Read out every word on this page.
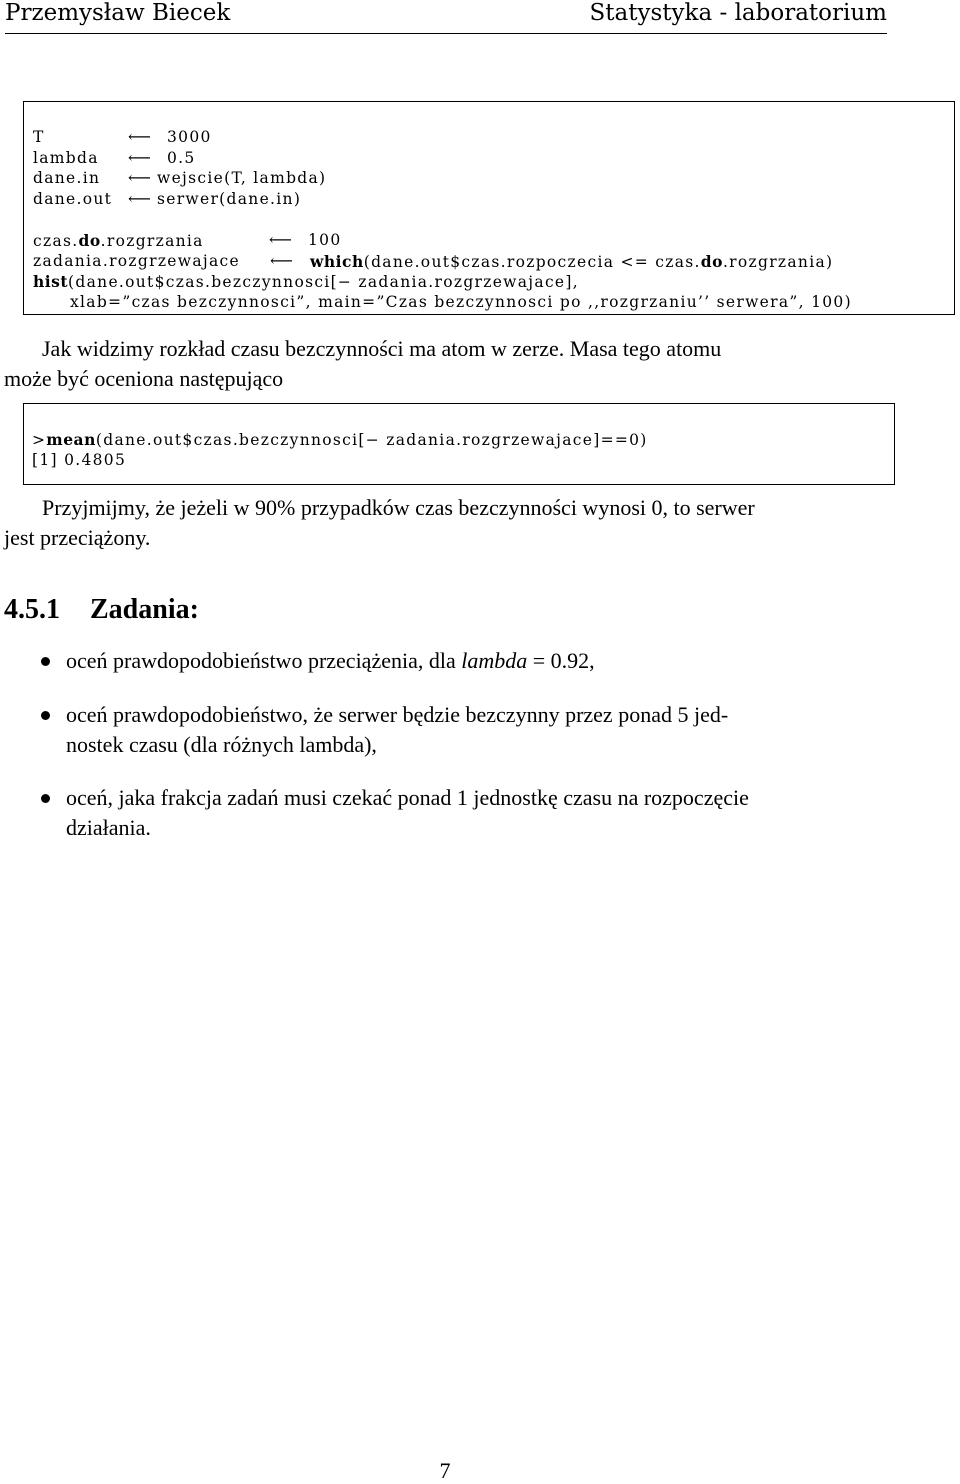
Przemysław Biecek	Statystyka - laboratorium
T	⟵ 3000
lambda ⟵ 0.5
dane.in ⟵ wejscie(T, lambda)
dane.out ⟵ serwer(dane.in)
czas.do.rozgrzania	⟵ 100
zadania.rozgrzewajace ⟵ which(dane.out$czas.rozpoczecia <= czas.do.rozgrzania)
hist(dane.out$czas.bezczynnosci[− zadania.rozgrzewajace],
xlab=”czas bezczynnosci”, main=”Czas bezczynnosci po ,,rozgrzaniu’’ serwera”, 100)
Jak widzimy rozkład czasu bezczynności ma atom w zerze. Masa tego atomu
może być oceniona następująco
>mean(dane.out$czas.bezczynnosci[− zadania.rozgrzewajace]==0)
[1] 0.4805
Przyjmijmy, że jeżeli w 90% przypadków czas bezczynności wynosi 0, to serwer
jest przeciążony.
4.5.1 Zadania:
oceń prawdopodobieństwo przeciążenia, dla lambda = 0.92,
oceń prawdopodobieństwo, że serwer będzie bezczynny przez ponad 5 jed-
nostek czasu (dla różnych lambda),
oceń, jaka frakcja zadań musi czekać ponad 1 jednostkę czasu na rozpoczęcie
działania.
7
